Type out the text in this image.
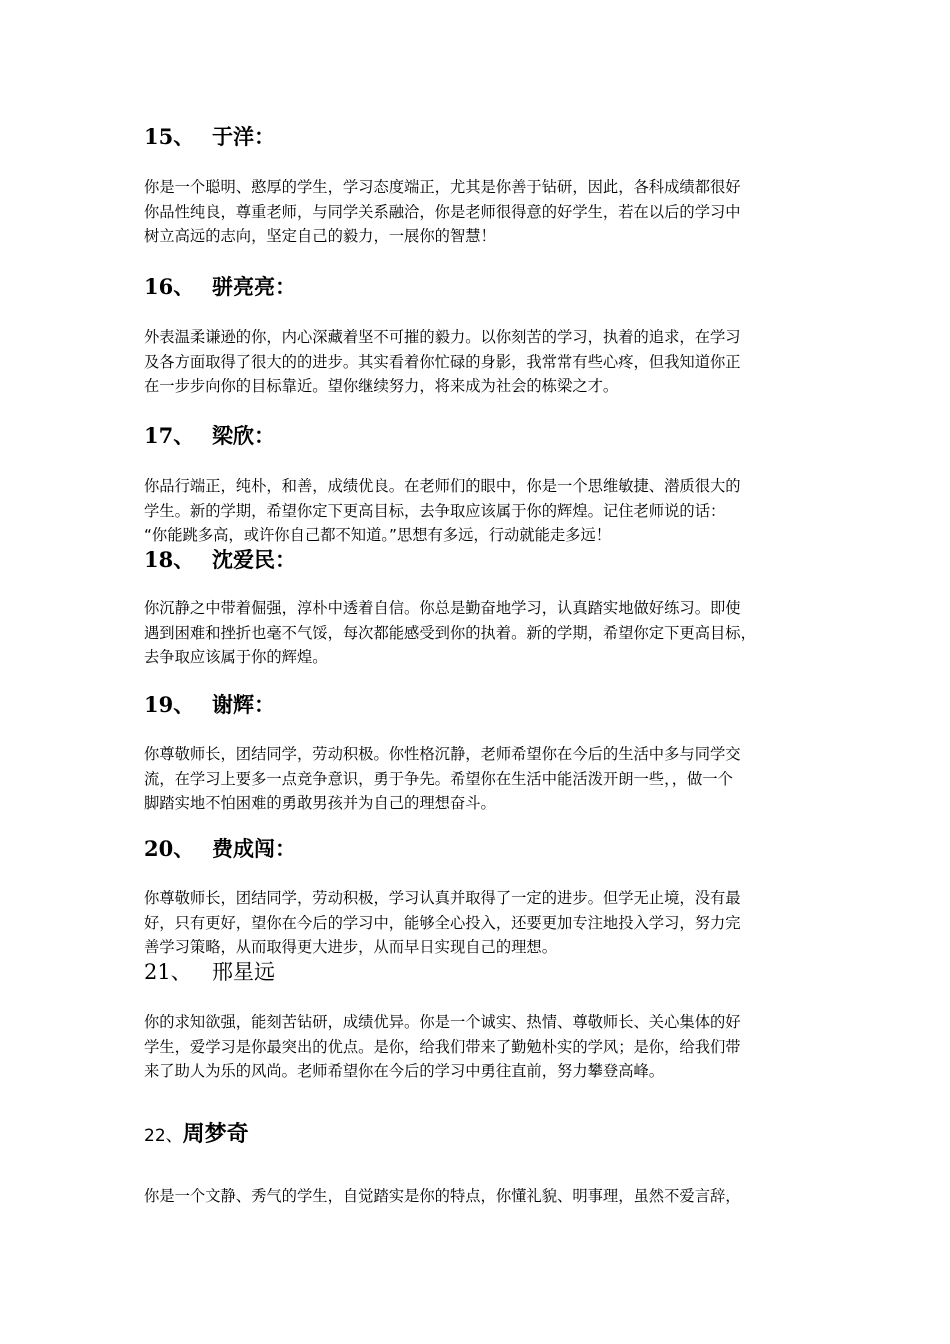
15、 于洋：
你是一个聪明、憨厚的学生，学习态度端正，尤其是你善于钻研，因此，各科成绩都很好
你品性纯良，尊重老师，与同学关系融洽，你是老师很得意的好学生，若在以后的学习中
树立高远的志向，坚定自己的毅力，一展你的智慧！
16、 骈亮亮：
外表温柔谦逊的你，内心深藏着坚不可摧的毅力。以你刻苦的学习，执着的追求，在学习
及各方面取得了很大的的进步。其实看着你忙碌的身影，我常常有些心疼，但我知道你正
在一步步向你的目标靠近。望你继续努力，将来成为社会的栋梁之才。
17、 梁欣：
你品行端正，纯朴，和善，成绩优良。在老师们的眼中，你是一个思维敏捷、潜质很大的
学生。新的学期，希望你定下更高目标，去争取应该属于你的辉煌。记住老师说的话：
“你能跳多高，或许你自己都不知道。”思想有多远，行动就能走多远！
18、 沈爱民：
你沉静之中带着倔强，淳朴中透着自信。你总是勤奋地学习，认真踏实地做好练习。即使
遇到困难和挫折也毫不气馁，每次都能感受到你的执着。新的学期，希望你定下更高目标，
去争取应该属于你的辉煌。
19、 谢辉：
你尊敬师长，团结同学，劳动积极。你性格沉静，老师希望你在今后的生活中多与同学交
流，在学习上要多一点竞争意识，勇于争先。希望你在生活中能活泼开朗一些，，做一个
脚踏实地不怕困难的勇敢男孩并为自己的理想奋斗。
20、 费成闯：
你尊敬师长，团结同学，劳动积极，学习认真并取得了一定的进步。但学无止境，没有最
好，只有更好，望你在今后的学习中，能够全心投入，还要更加专注地投入学习，努力完
善学习策略，从而取得更大进步，从而早日实现自己的理想。
21、 邢星远
你的求知欲强，能刻苦钻研，成绩优异。你是一个诚实、热情、尊敬师长、关心集体的好
学生，爱学习是你最突出的优点。是你，给我们带来了勤勉朴实的学风；是你，给我们带
来了助人为乐的风尚。老师希望你在今后的学习中勇往直前，努力攀登高峰。
22、周梦奇
你是一个文静、秀气的学生，自觉踏实是你的特点，你懂礼貌、明事理，虽然不爱言辞，
